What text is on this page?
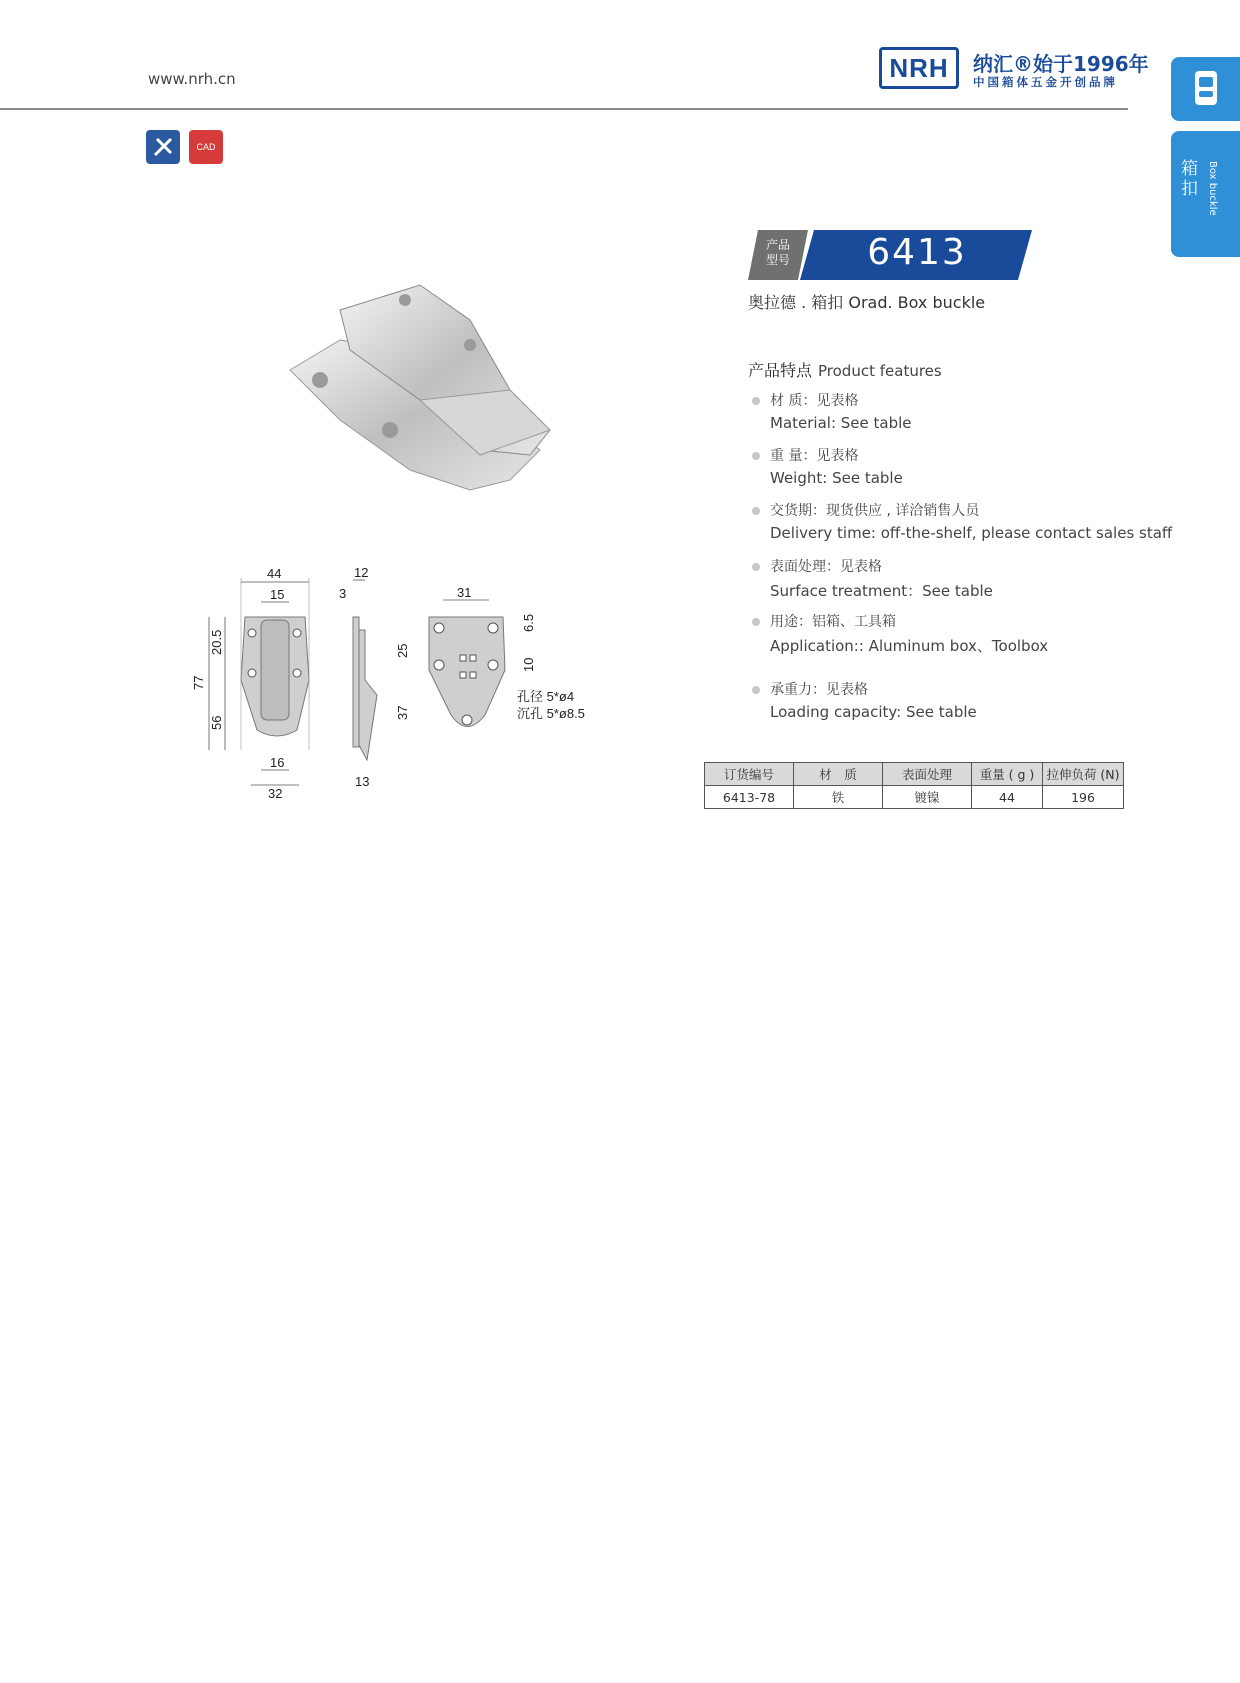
www.nrh.cn	NRH 纳汇®始于1996年
中国箱体五金开创品牌
箱扣 Box buckle
CAD
44
15
20.5
77
56
16
32
12
3
13
31
6.5
25
10
37
孔径 5*ø4
沉孔 5*ø8.5
产品
型号	6413
奥拉德 . 箱扣 Orad. Box buckle
产品特点 Product features
材 质：见表格
Material: See table
重 量：见表格
Weight: See table
交货期：现货供应 , 详洽销售人员
Delivery time: off-the-shelf, please contact sales staff
表面处理：见表格
Surface treatment：See table
用途：铝箱、工具箱
Application:: Aluminum box、Toolbox
承重力：见表格
Loading capacity: See table
订货编号	材　质	表面处理	重量 ( g )	拉伸负荷 (N)
6413-78	铁	镀镍	44	196
